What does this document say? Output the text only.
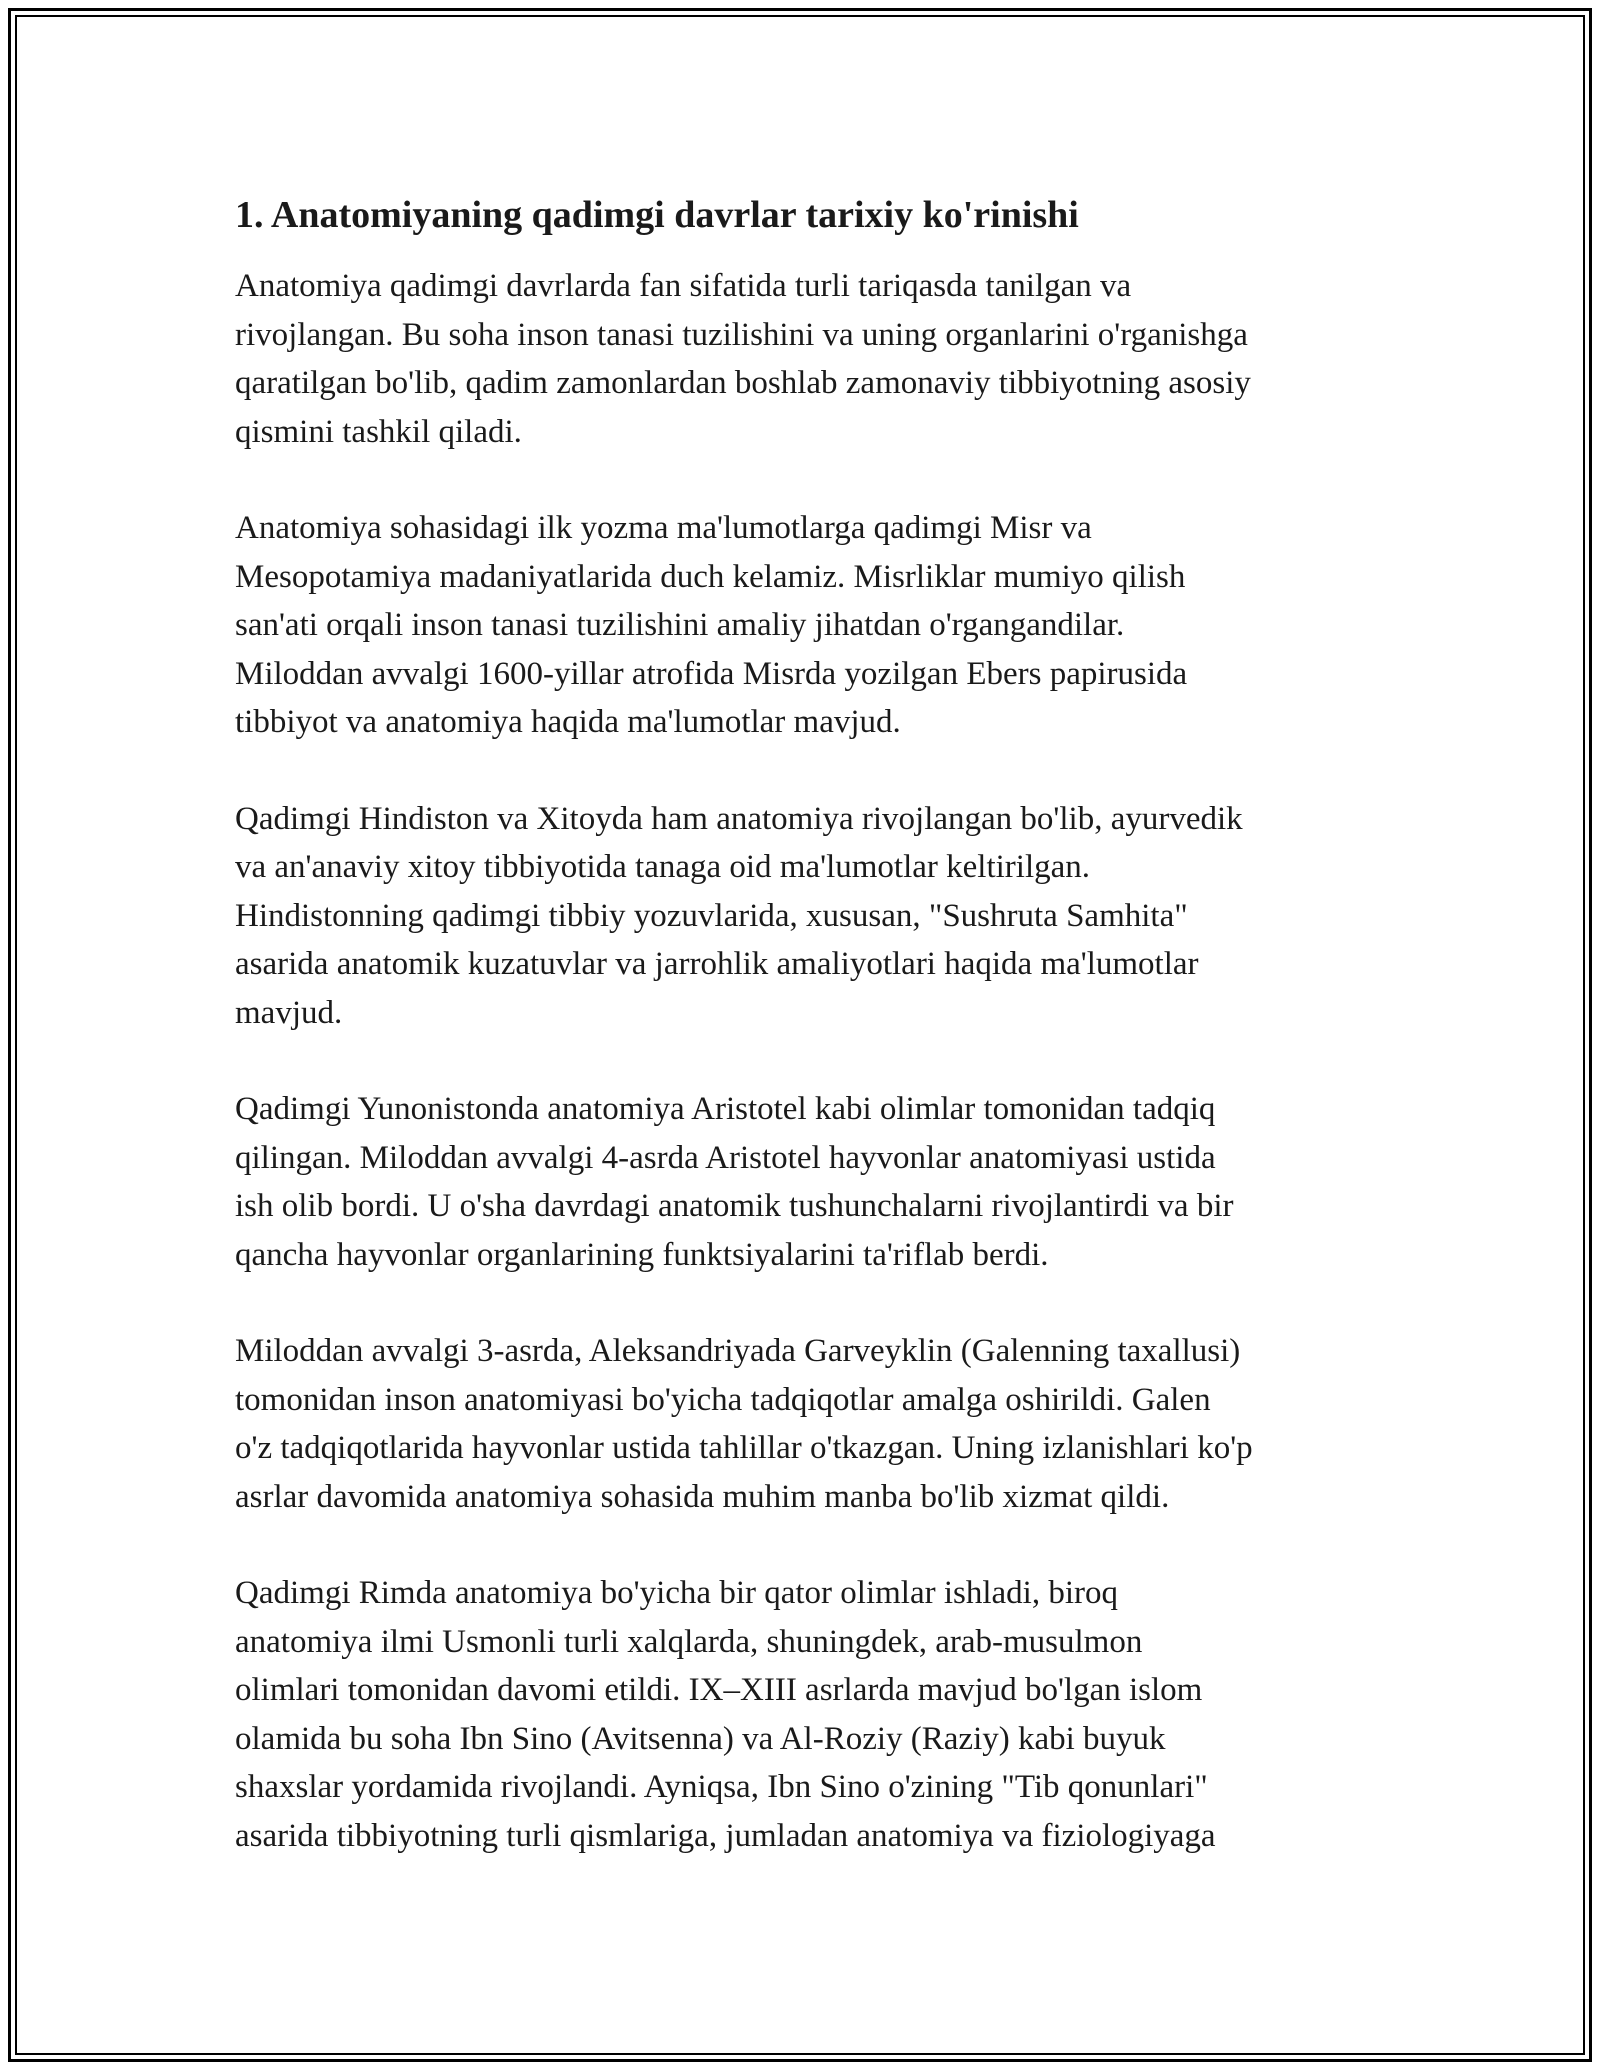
1. Anatomiyaning qadimgi davrlar tarixiy ko'rinishi

Anatomiya qadimgi davrlarda fan sifatida turli tariqasda tanilgan va
rivojlangan. Bu soha inson tanasi tuzilishini va uning organlarini o'rganishga
qaratilgan bo'lib, qadim zamonlardan boshlab zamonaviy tibbiyotning asosiy
qismini tashkil qiladi.

Anatomiya sohasidagi ilk yozma ma'lumotlarga qadimgi Misr va
Mesopotamiya madaniyatlarida duch kelamiz. Misrliklar mumiyo qilish
san'ati orqali inson tanasi tuzilishini amaliy jihatdan o'rgangandilar.
Miloddan avvalgi 1600-yillar atrofida Misrda yozilgan Ebers papirusida
tibbiyot va anatomiya haqida ma'lumotlar mavjud.

Qadimgi Hindiston va Xitoyda ham anatomiya rivojlangan bo'lib, ayurvedik
va an'anaviy xitoy tibbiyotida tanaga oid ma'lumotlar keltirilgan.
Hindistonning qadimgi tibbiy yozuvlarida, xususan, "Sushruta Samhita"
asarida anatomik kuzatuvlar va jarrohlik amaliyotlari haqida ma'lumotlar
mavjud.

Qadimgi Yunonistonda anatomiya Aristotel kabi olimlar tomonidan tadqiq
qilingan. Miloddan avvalgi 4-asrda Aristotel hayvonlar anatomiyasi ustida
ish olib bordi. U o'sha davrdagi anatomik tushunchalarni rivojlantirdi va bir
qancha hayvonlar organlarining funktsiyalarini ta'riflab berdi.

Miloddan avvalgi 3-asrda, Aleksandriyada Garveyklin (Galenning taxallusi)
tomonidan inson anatomiyasi bo'yicha tadqiqotlar amalga oshirildi. Galen
o'z tadqiqotlarida hayvonlar ustida tahlillar o'tkazgan. Uning izlanishlari ko'p
asrlar davomida anatomiya sohasida muhim manba bo'lib xizmat qildi.

Qadimgi Rimda anatomiya bo'yicha bir qator olimlar ishladi, biroq
anatomiya ilmi Usmonli turli xalqlarda, shuningdek, arab-musulmon
olimlari tomonidan davomi etildi. IX–XIII asrlarda mavjud bo'lgan islom
olamida bu soha Ibn Sino (Avitsenna) va Al-Roziy (Raziy) kabi buyuk
shaxslar yordamida rivojlandi. Ayniqsa, Ibn Sino o'zining "Tib qonunlari"
asarida tibbiyotning turli qismlariga, jumladan anatomiya va fiziologiyaga
